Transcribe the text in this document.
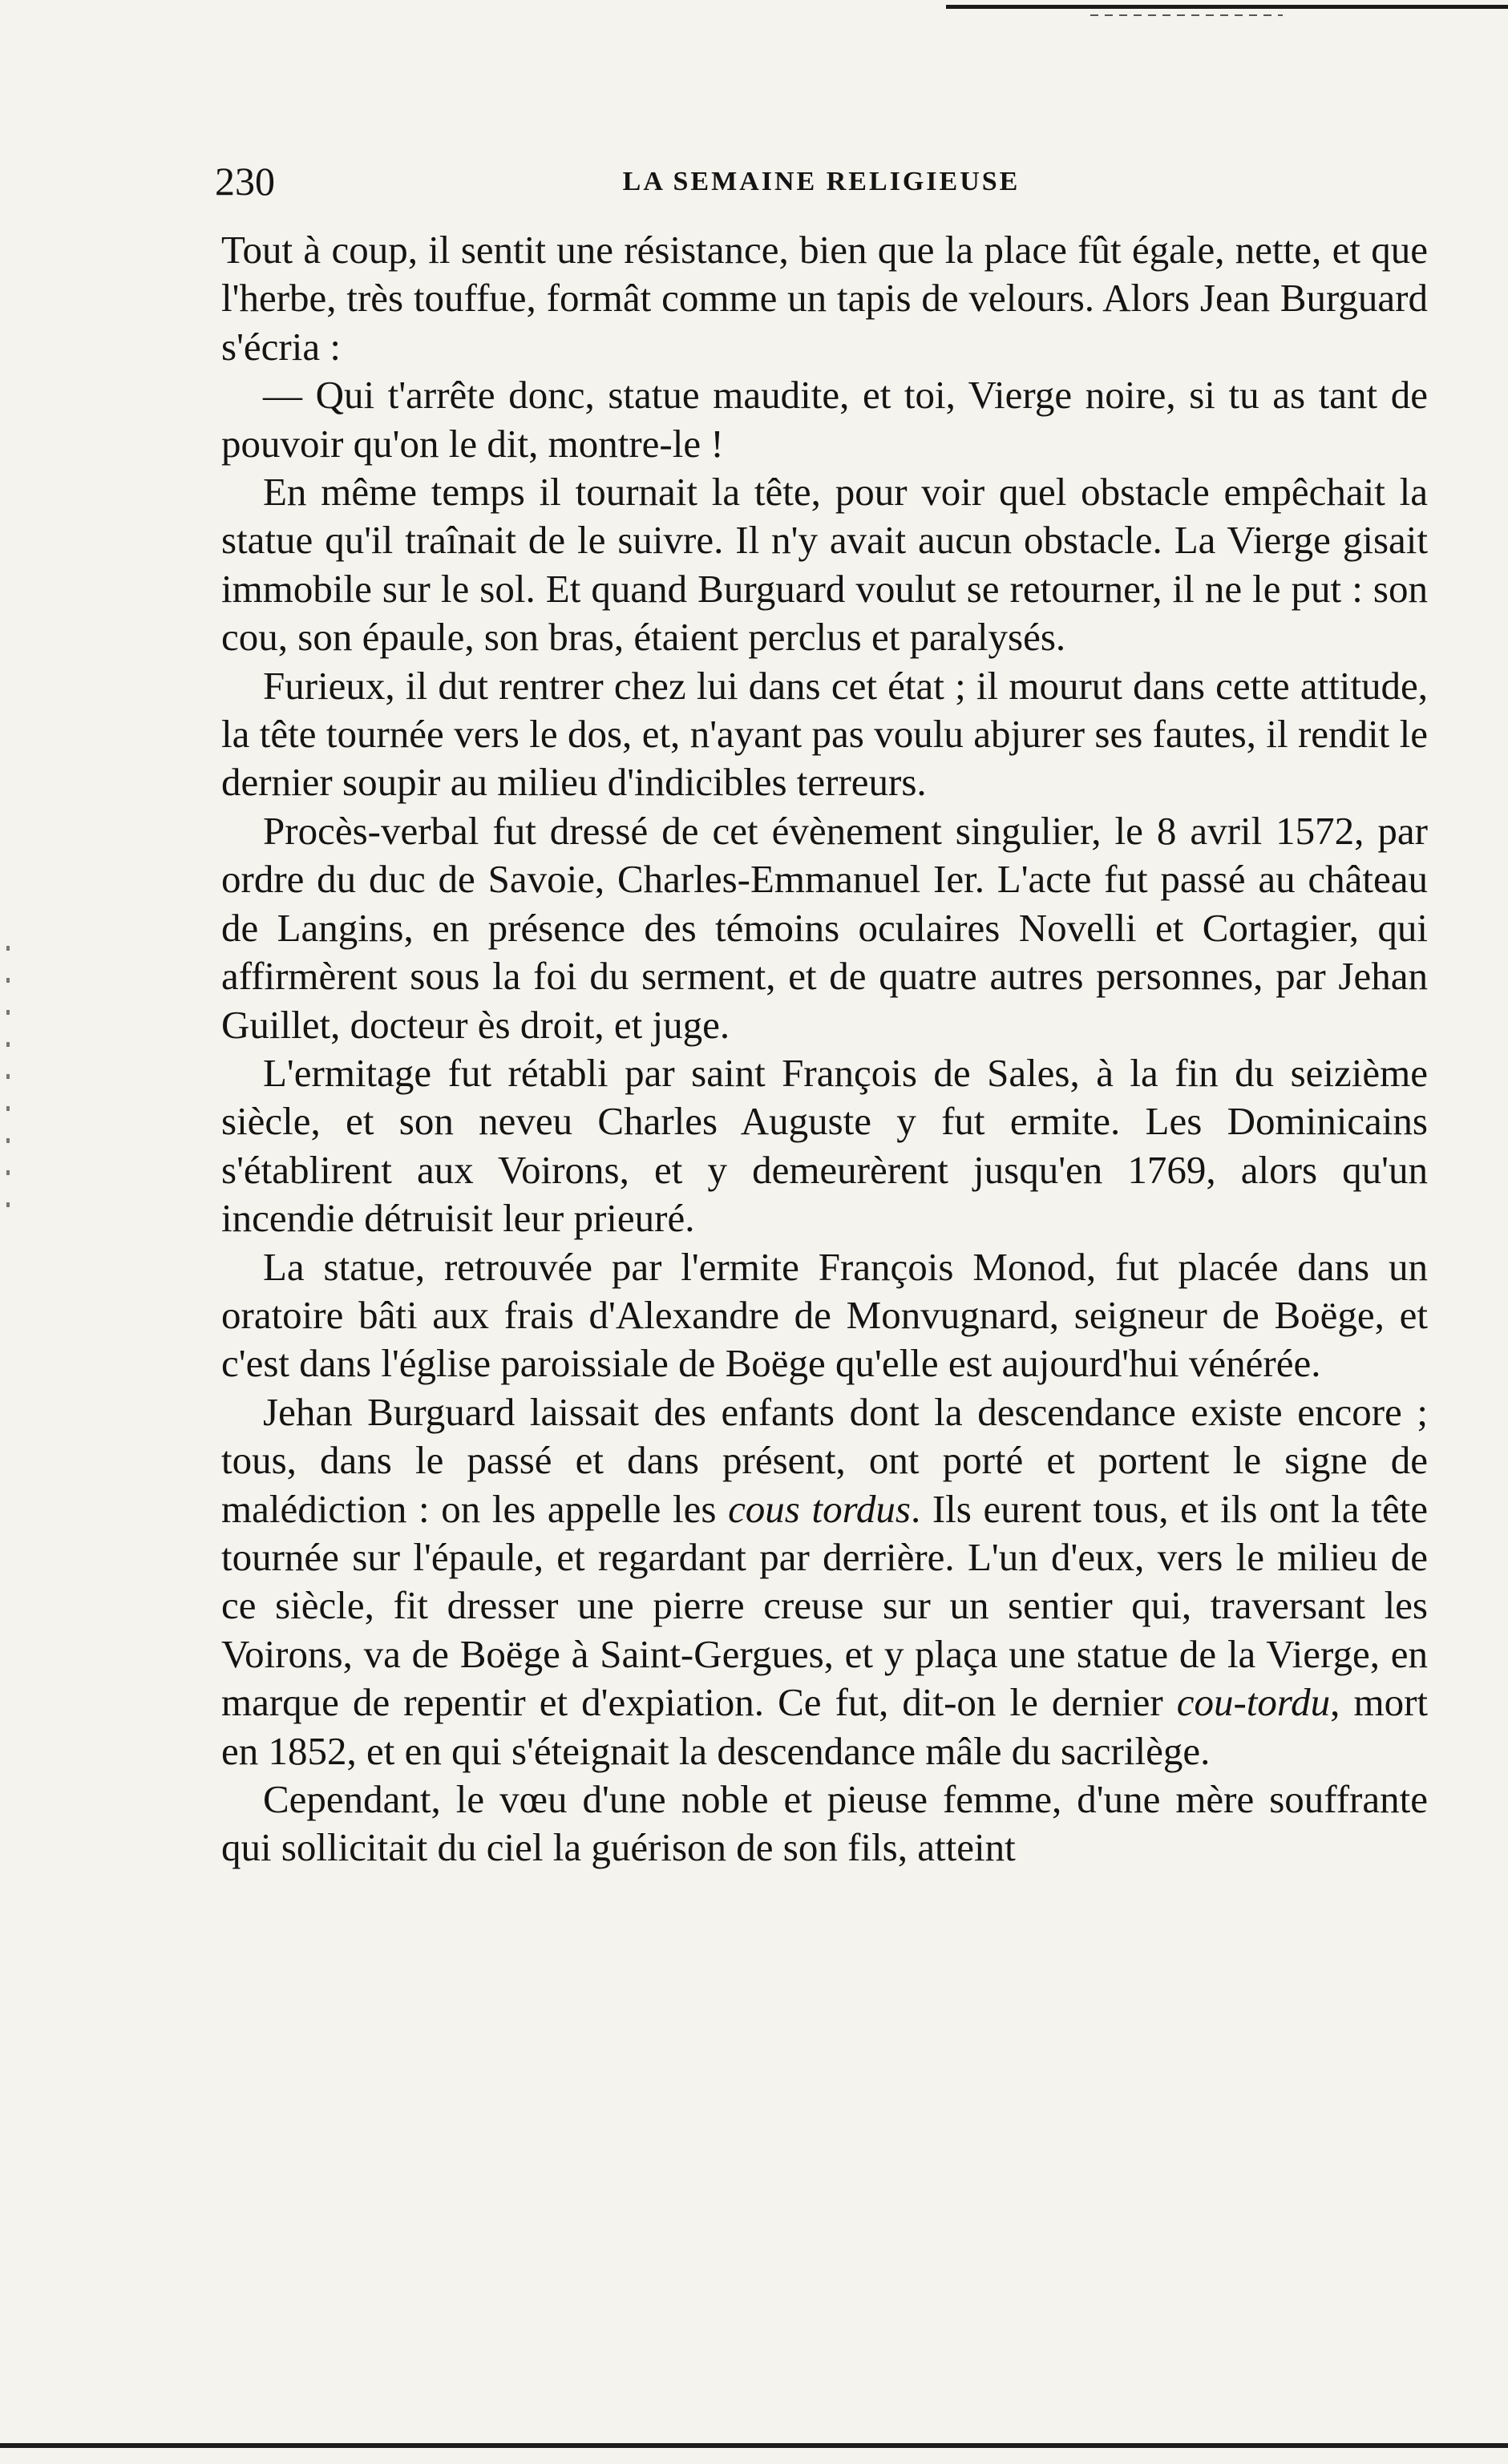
230	LA SEMAINE RELIGIEUSE

Tout à coup, il sentit une résistance, bien que la place fût égale, nette, et que l'herbe, très touffue, formât comme un tapis de velours. Alors Jean Burguard s'écria :

— Qui t'arrête donc, statue maudite, et toi, Vierge noire, si tu as tant de pouvoir qu'on le dit, montre-le !

En même temps il tournait la tête, pour voir quel obstacle empêchait la statue qu'il traînait de le suivre. Il n'y avait aucun obstacle. La Vierge gisait immobile sur le sol. Et quand Burguard voulut se retourner, il ne le put : son cou, son épaule, son bras, étaient perclus et paralysés.

Furieux, il dut rentrer chez lui dans cet état ; il mourut dans cette attitude, la tête tournée vers le dos, et, n'ayant pas voulu abjurer ses fautes, il rendit le dernier soupir au milieu d'indicibles terreurs.

Procès-verbal fut dressé de cet évènement singulier, le 8 avril 1572, par ordre du duc de Savoie, Charles-Emmanuel Ier. L'acte fut passé au château de Langins, en présence des témoins oculaires Novelli et Cortagier, qui affirmèrent sous la foi du serment, et de quatre autres personnes, par Jehan Guillet, docteur ès droit, et juge.

L'ermitage fut rétabli par saint François de Sales, à la fin du seizième siècle, et son neveu Charles Auguste y fut ermite. Les Dominicains s'établirent aux Voirons, et y demeurèrent jusqu'en 1769, alors qu'un incendie détruisit leur prieuré.

La statue, retrouvée par l'ermite François Monod, fut placée dans un oratoire bâti aux frais d'Alexandre de Monvugnard, seigneur de Boëge, et c'est dans l'église paroissiale de Boëge qu'elle est aujourd'hui vénérée.

Jehan Burguard laissait des enfants dont la descendance existe encore ; tous, dans le passé et dans présent, ont porté et portent le signe de malédiction : on les appelle les cous tordus. Ils eurent tous, et ils ont la tête tournée sur l'épaule, et regardant par derrière. L'un d'eux, vers le milieu de ce siècle, fit dresser une pierre creuse sur un sentier qui, traversant les Voirons, va de Boëge à Saint-Gergues, et y plaça une statue de la Vierge, en marque de repentir et d'expiation. Ce fut, dit-on le dernier cou-tordu, mort en 1852, et en qui s'éteignait la descendance mâle du sacrilège.

Cependant, le vœu d'une noble et pieuse femme, d'une mère souffrante qui sollicitait du ciel la guérison de son fils, atteint
